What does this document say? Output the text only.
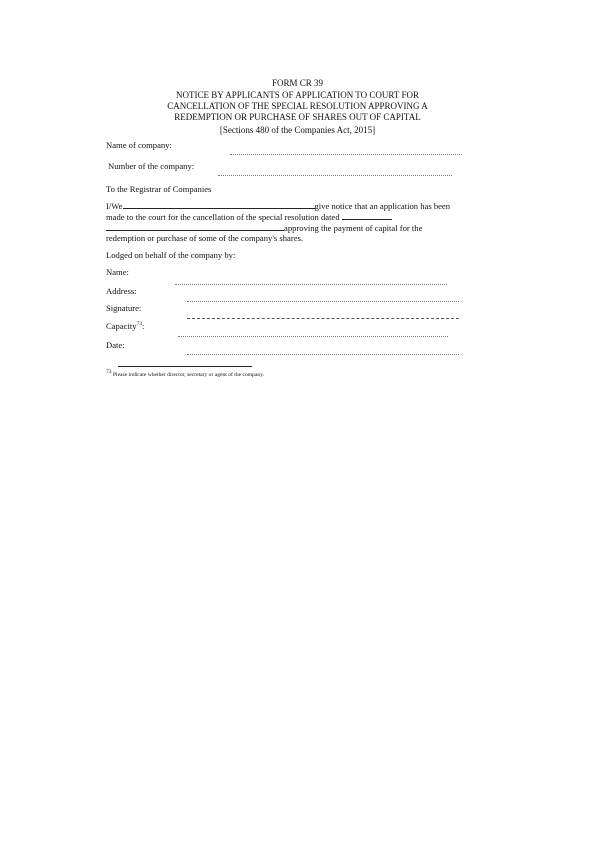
FORM CR 39
NOTICE BY APPLICANTS OF APPLICATION TO COURT FOR
CANCELLATION OF THE SPECIAL RESOLUTION APPROVING A
REDEMPTION OR PURCHASE OF SHARES OUT OF CAPITAL
[Sections 480 of the Companies Act, 2015]
Name of company:
Number of the company:
To the Registrar of Companies
I/We	give notice that an application has been
made to the court for the cancellation of the special resolution dated
approving the payment of capital for the
redemption or purchase of some of the company's shares.
Lodged on behalf of the company by:
Name:
Address:
Signature:
Capacity$^{73}$:
Date:
$^{73}$ Please indicate whether director, secretary or agent of the company.
